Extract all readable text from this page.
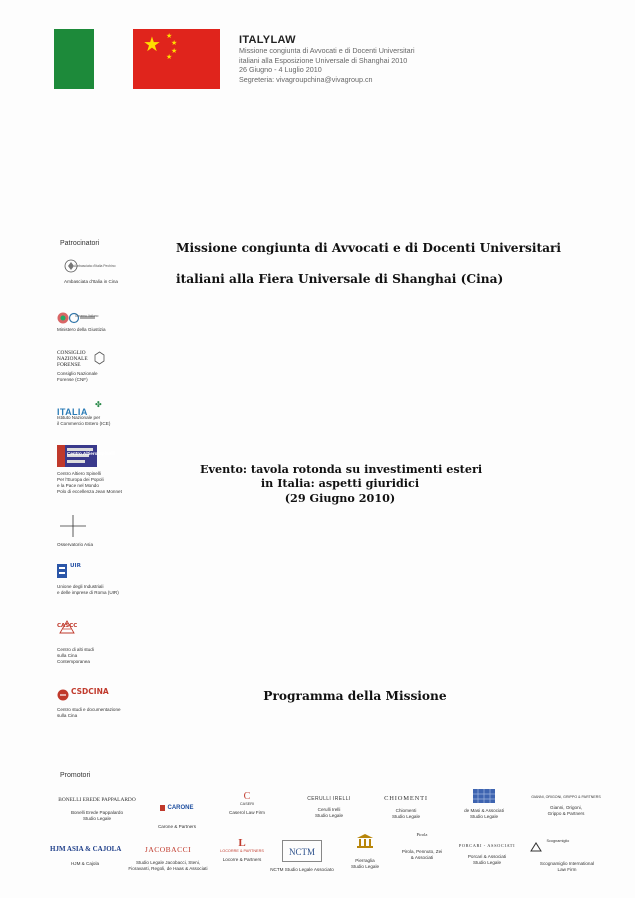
★ ★
★
★
★
ITALYLAW
Missione congiunta di Avvocati e di Docenti Universitari
italiani alla Esposizione Universale di Shanghai 2010
26 Giugno - 4 Luglio 2010
Segreteria: vivagroupchina@vivagroup.cn
Patrocinatori
Ambasciata d'Italia in Cina
Ministero della Giustizia
CONSIGLIO
NAZIONALE
FORENSE
Consiglio Nazionale
Forense (CNF)
ITALIA
✤
Istituto Nazionale per
il Commercio Estero (ICE)
Centro Altiero Spinelli
Per l'Europa dei Popoli
e la Pace nel Mondo
Polo di eccellenza Jean Monnet
Osservatorio Asia
UIR
Unione degli Industriali
e delle imprese di Roma (UIR)
CASCC
Centro di alti studi
sulla Cina
Contemporanea
CSDCINA
Centro studi e documentazione
sulla Cina
Missione congiunta di Avvocati e di Docenti Universitari
italiani alla Fiera Universale di Shanghai (Cina)
Evento: tavola rotonda su investimenti esteri
in Italia: aspetti giuridici
(29 Giugno 2010)
Programma della Missione
Promotori
BONELLI EREDE PAPPALARDO
Bonelli Erede Pappalardo
Studio Legale
CARONE
Carone & Partners
C
CASERI
Caserol Law Firm
CERULLI IRELLI
Cerulli Irelli
Studio Legale
CHIOMENTI
Chiomenti
Studio Legale
de Masi & Associati
Studio Legale
GIANNI, ORIGONI, GRIPPO & PARTNERS
Gianni, Origoni,
Grippo & Partners
HJM ASIA & CAJOLA
HJM & Cajola
JACOBACCI
Studio Legale Jacobacci, Steni,
Fioravanti, Regoli, de Haas & Associati
L
LOCORRE & PARTNERS
Locorre & Partners
NCTM
NCTM Studio Legale Associato
Pierraglia
Studio Legale
Pirola
Pirola, Pennuto, Zei
& Associati
PORCARI - ASSOCIATI
Porcari & Associati
Studio Legale
$^{Scognamiglio}$
Scognamiglio International
Law Firm
Ambasciata d'Italia Pechino
Governo Italiano
Centro Altiero Spinelli
